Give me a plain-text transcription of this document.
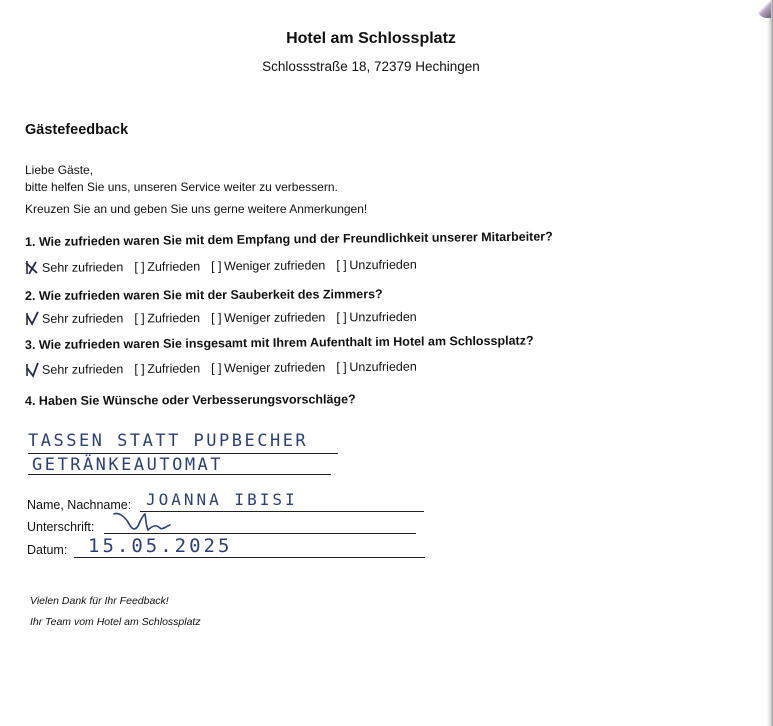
Hotel am Schlossplatz
Schlossstraße 18, 72379 Hechingen
Gästefeedback
Liebe Gäste,
bitte helfen Sie uns, unseren Service weiter zu verbessern.
Kreuzen Sie an und geben Sie uns gerne weitere Anmerkungen!
1. Wie zufrieden waren Sie mit dem Empfang und der Freundlichkeit unserer Mitarbeiter?
Sehr zufrieden [ ] Zufrieden [ ] Weniger zufrieden [ ] Unzufrieden
2. Wie zufrieden waren Sie mit der Sauberkeit des Zimmers?
Sehr zufrieden [ ] Zufrieden [ ] Weniger zufrieden [ ] Unzufrieden
3. Wie zufrieden waren Sie insgesamt mit Ihrem Aufenthalt im Hotel am Schlossplatz?
Sehr zufrieden [ ] Zufrieden [ ] Weniger zufrieden [ ] Unzufrieden
4. Haben Sie Wünsche oder Verbesserungsvorschläge?
TASSEN STATT PUPBECHER
GETRÄNKEAUTOMAT
Name, Nachname: JOANNA IBISI
Unterschrift:
Datum: 15.05.2025
Vielen Dank für Ihr Feedback!
Ihr Team vom Hotel am Schlossplatz
